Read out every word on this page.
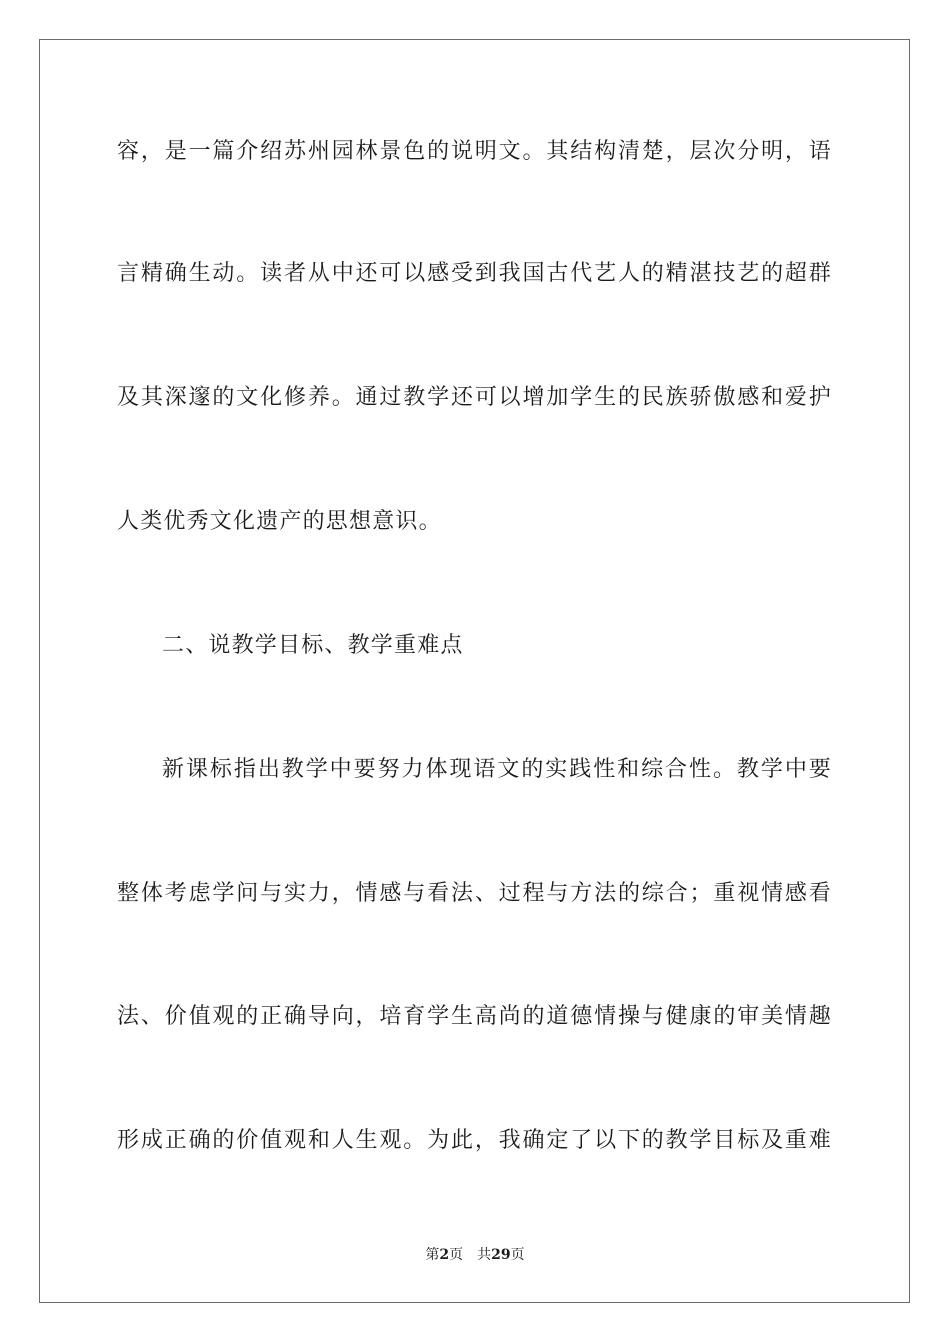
容，是一篇介绍苏州园林景色的说明文。其结构清楚，层次分明，语
言精确生动。读者从中还可以感受到我国古代艺人的精湛技艺的超群
及其深邃的文化修养。通过教学还可以增加学生的民族骄傲感和爱护
人类优秀文化遗产的思想意识。
二、说教学目标、教学重难点
新课标指出教学中要努力体现语文的实践性和综合性。教学中要
整体考虑学问与实力，情感与看法、过程与方法的综合；重视情感看
法、价值观的正确导向，培育学生高尚的道德情操与健康的审美情趣
形成正确的价值观和人生观。为此，我确定了以下的教学目标及重难
第2页 共29页
